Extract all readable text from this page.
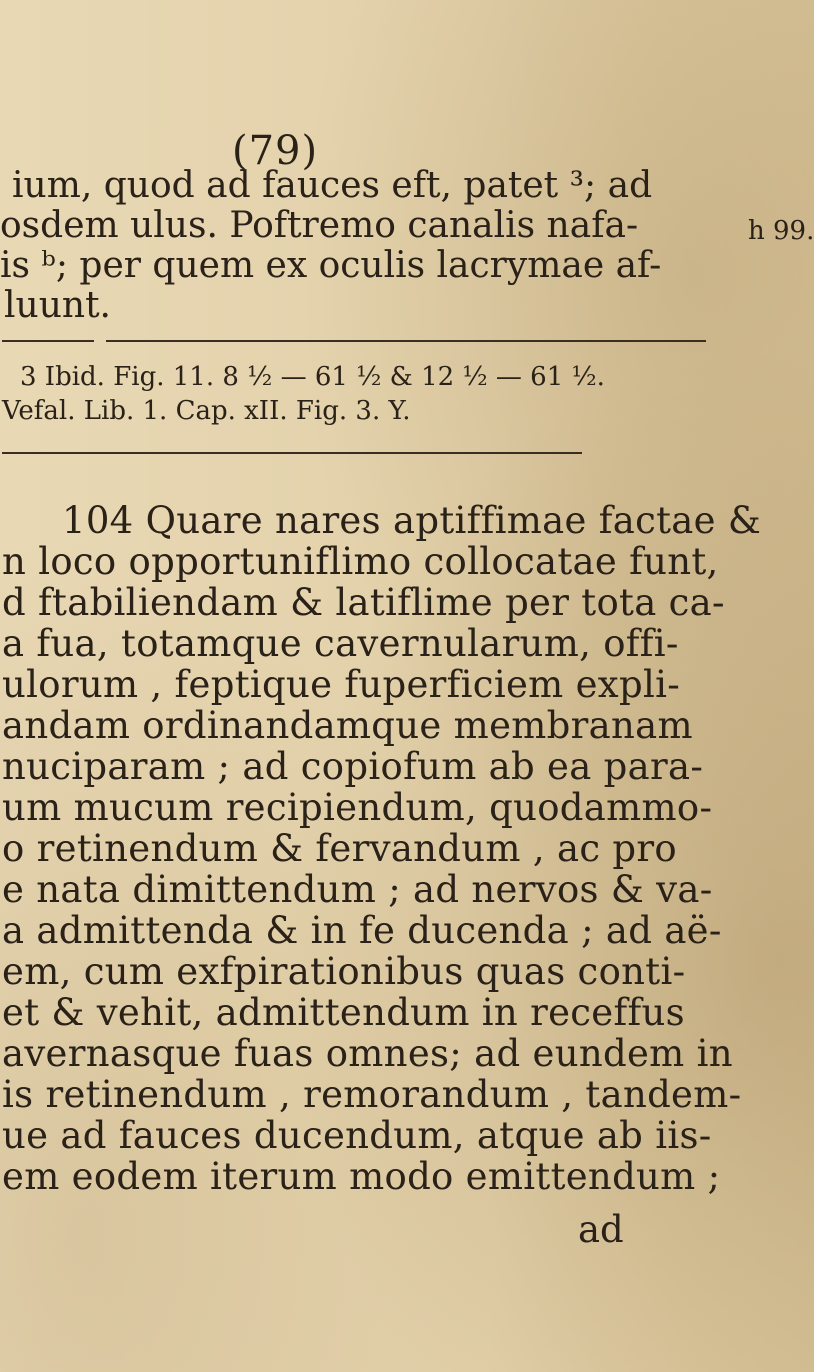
(79)
ium, quod ad fauces eft, patet ³; ad
osdem ulus. Poftremo canalis nafa-
is ᵇ; per quem ex oculis lacrymae af-
luunt.
h 99.
3 Ibid. Fig. 11. 8 ¹⁄₂ — 61 ¹⁄₂ & 12 ¹⁄₂ — 61 ¹⁄₂.
Vefal. Lib. 1. Cap. xII. Fig. 3. Y.
104 Quare nares aptiffimae factae &
n loco opportuniflimo collocatae funt,
d ftabiliendam & latiflime per tota ca-
a fua, totamque cavernularum, offi-
ulorum , feptique fuperficiem expli-
andam ordinandamque membranam
nuciparam ; ad copiofum ab ea para-
um mucum recipiendum, quodammo-
o retinendum & fervandum , ac pro
e nata dimittendum ; ad nervos & va-
a admittenda & in fe ducenda ; ad aë-
em, cum exfpirationibus quas conti-
et & vehit, admittendum in receffus
avernasque fuas omnes; ad eundem in
is retinendum , remorandum , tandem-
ue ad fauces ducendum, atque ab iis-
em eodem iterum modo emittendum ;
ad
